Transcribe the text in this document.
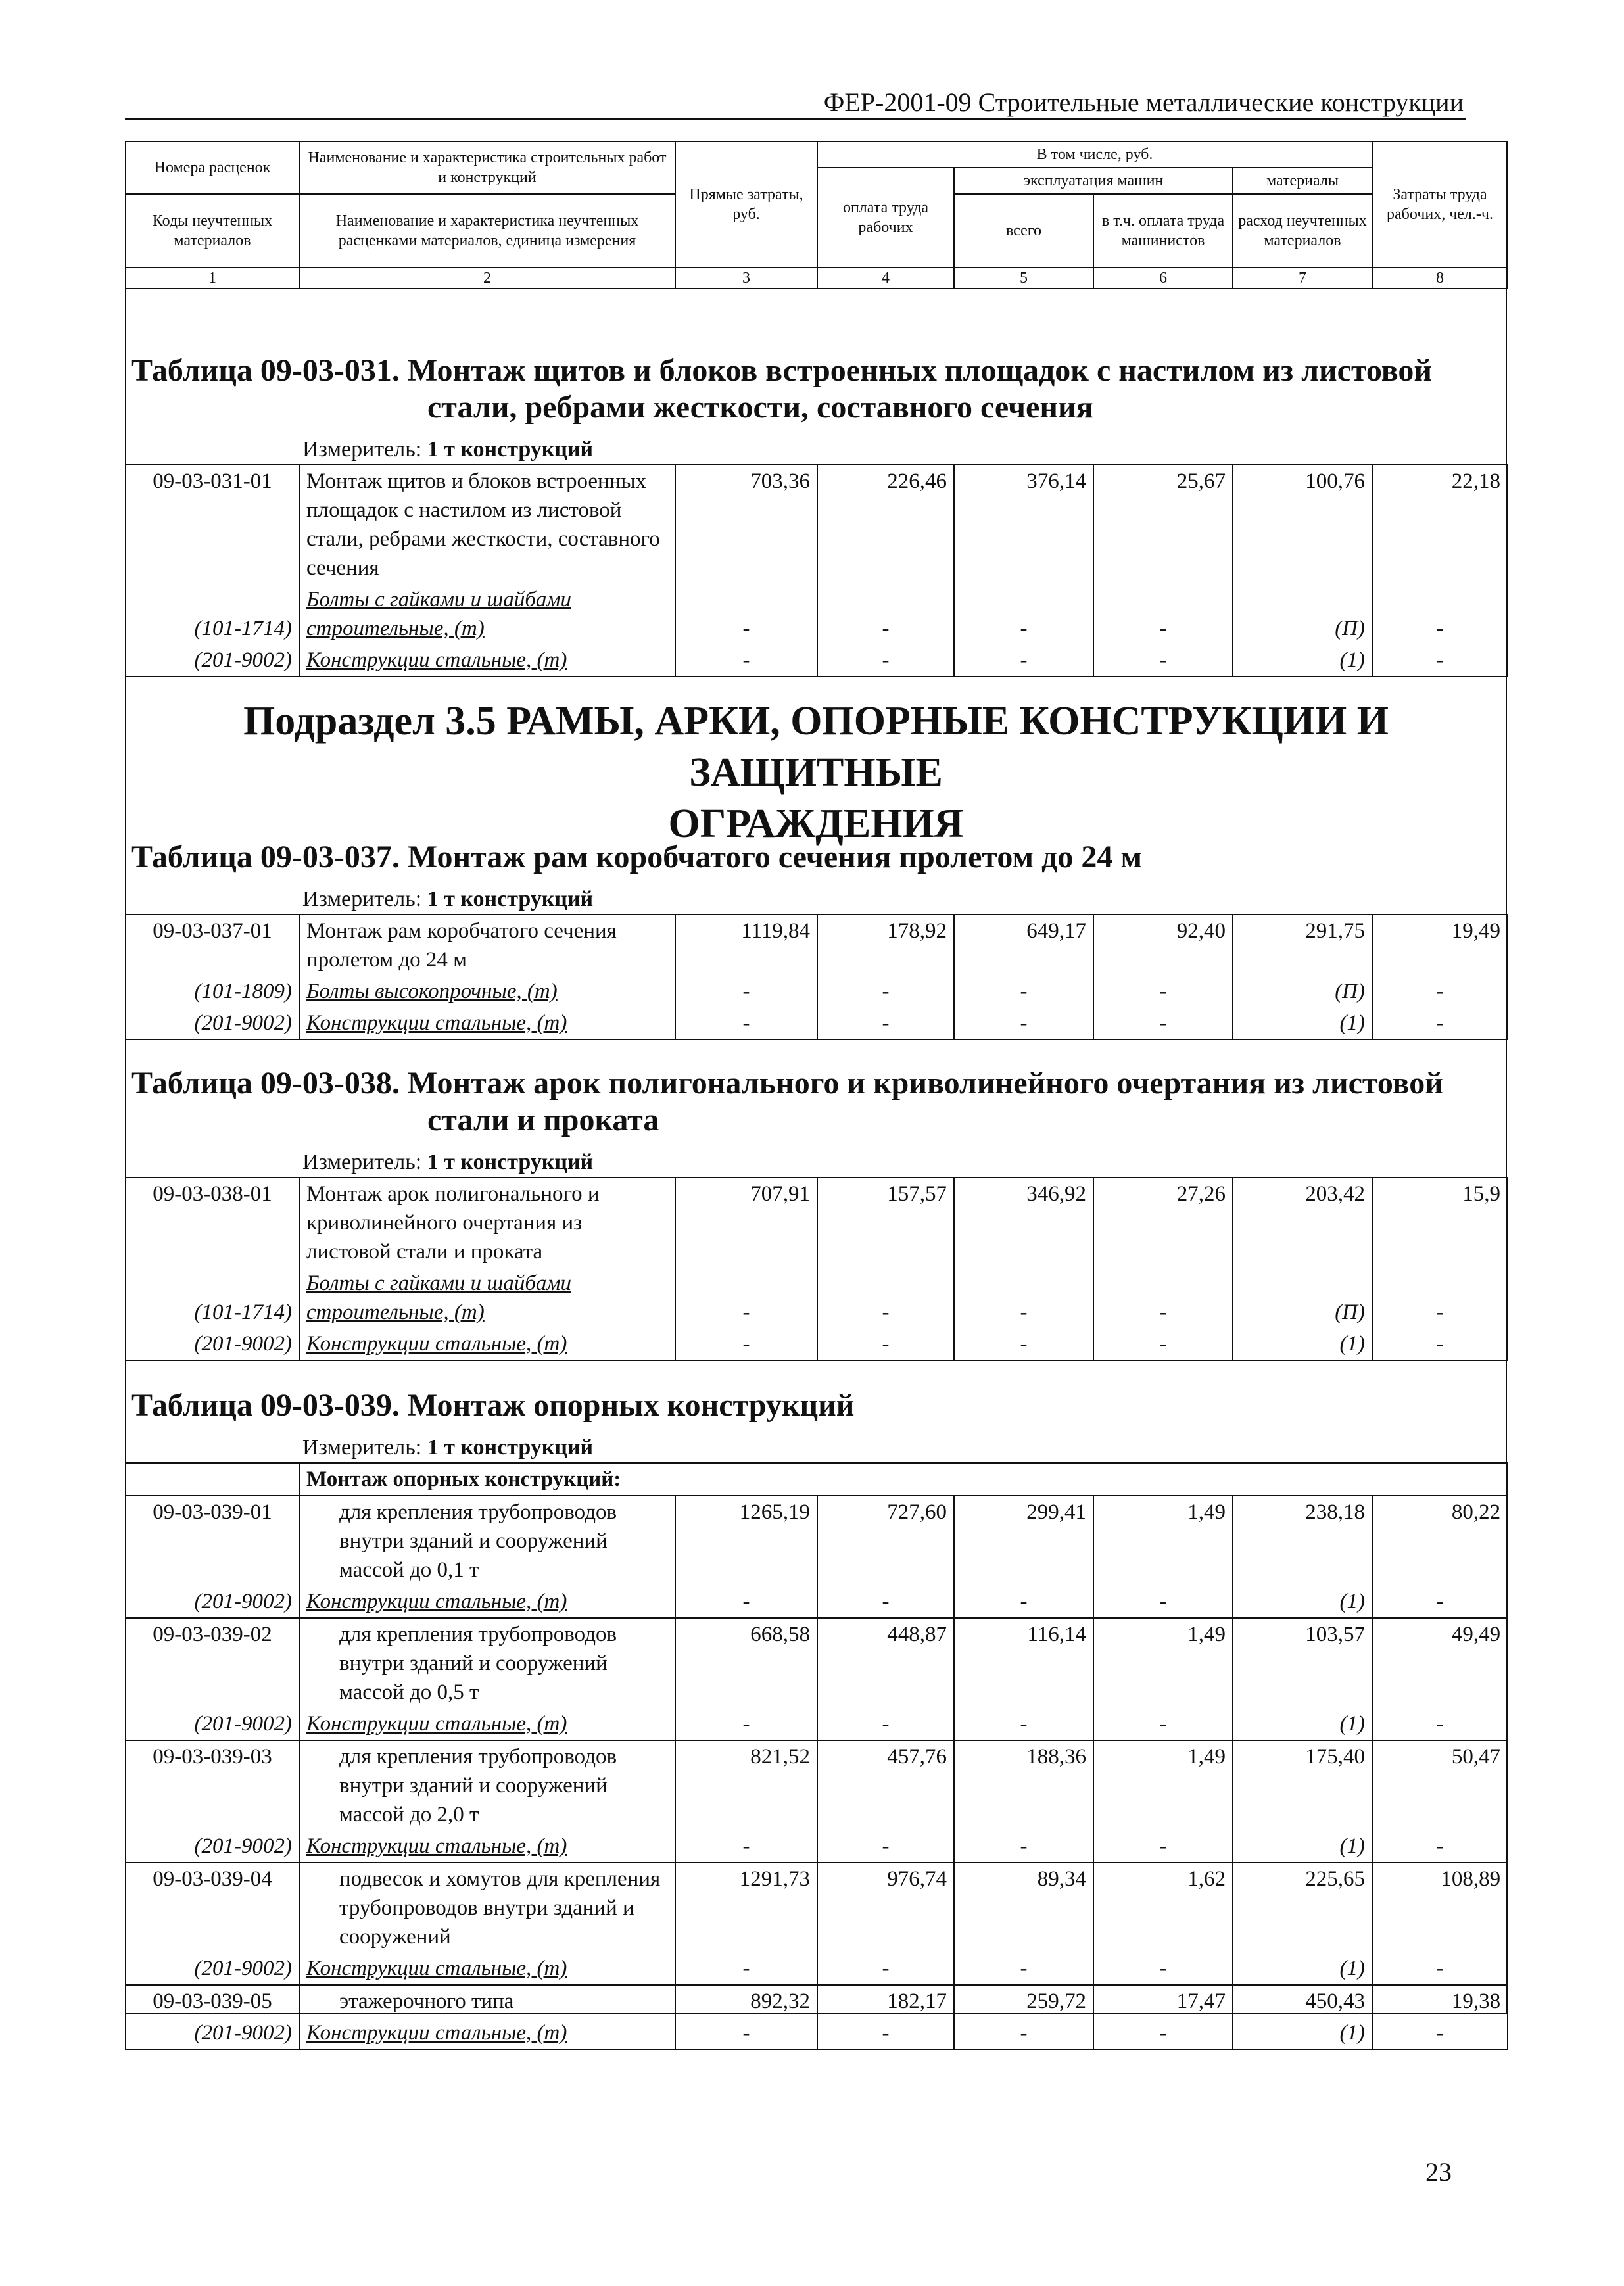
ФЕР-2001-09 Строительные металлические конструкции
Номера расценок	Наименование и характеристика строительных работ и конструкций	Прямые затраты, руб.	В том числе, руб.				Затраты труда рабочих, чел.-ч.
			оплата труда рабочих	эксплуатация машин		материалы	
Коды неучтенных материалов	Наименование и характеристика неучтенных расценками материалов, единица измерения			всего	в т.ч. оплата труда машинистов	расход неучтенных материалов	

1	2	3	4	5	6	7	8
Таблица 09-03-031. Монтаж щитов и блоков встроенных площадок с настилом из листовой
стали, ребрами жесткости, составного сечения
Измеритель: 1 т конструкций
09-03-031-01	Монтаж щитов и блоков встроенных площадок с настилом из листовой стали, ребрами жесткости, составного сечения	703,36	226,46	376,14	25,67	100,76	22,18
(101-1714)	Болты с гайками и шайбами строительные, (т)	-	-	-	-	(П)	-
(201-9002)	Конструкции стальные, (т)	-	-	-	-	(1)	-
Подраздел 3.5 РАМЫ, АРКИ, ОПОРНЫЕ КОНСТРУКЦИИ И ЗАЩИТНЫЕ
ОГРАЖДЕНИЯ
Таблица 09-03-037. Монтаж рам коробчатого сечения пролетом до 24 м
Измеритель: 1 т конструкций
09-03-037-01	Монтаж рам коробчатого сечения пролетом до 24 м	1119,84	178,92	649,17	92,40	291,75	19,49
(101-1809)	Болты высокопрочные, (т)	-	-	-	-	(П)	-
(201-9002)	Конструкции стальные, (т)	-	-	-	-	(1)	-
Таблица 09-03-038. Монтаж арок полигонального и криволинейного очертания из листовой
стали и проката
Измеритель: 1 т конструкций
09-03-038-01	Монтаж арок полигонального и криволинейного очертания из листовой стали и проката	707,91	157,57	346,92	27,26	203,42	15,9
(101-1714)	Болты с гайками и шайбами строительные, (т)	-	-	-	-	(П)	-
(201-9002)	Конструкции стальные, (т)	-	-	-	-	(1)	-
Таблица 09-03-039. Монтаж опорных конструкций
Измеритель: 1 т конструкций
	Монтаж опорных конструкций:						
09-03-039-01	для крепления трубопроводов внутри зданий и сооружений массой до 0,1 т	1265,19	727,60	299,41	1,49	238,18	80,22
(201-9002)	Конструкции стальные, (т)	-	-	-	-	(1)	-
09-03-039-02	для крепления трубопроводов внутри зданий и сооружений массой до 0,5 т	668,58	448,87	116,14	1,49	103,57	49,49
(201-9002)	Конструкции стальные, (т)	-	-	-	-	(1)	-
09-03-039-03	для крепления трубопроводов внутри зданий и сооружений массой до 2,0 т	821,52	457,76	188,36	1,49	175,40	50,47
(201-9002)	Конструкции стальные, (т)	-	-	-	-	(1)	-
09-03-039-04	подвесок и хомутов для крепления трубопроводов внутри зданий и сооружений	1291,73	976,74	89,34	1,62	225,65	108,89
(201-9002)	Конструкции стальные, (т)	-	-	-	-	(1)	-
09-03-039-05	этажерочного типа	892,32	182,17	259,72	17,47	450,43	19,38
(201-9002)	Конструкции стальные, (т)	-	-	-	-	(1)	-
23
